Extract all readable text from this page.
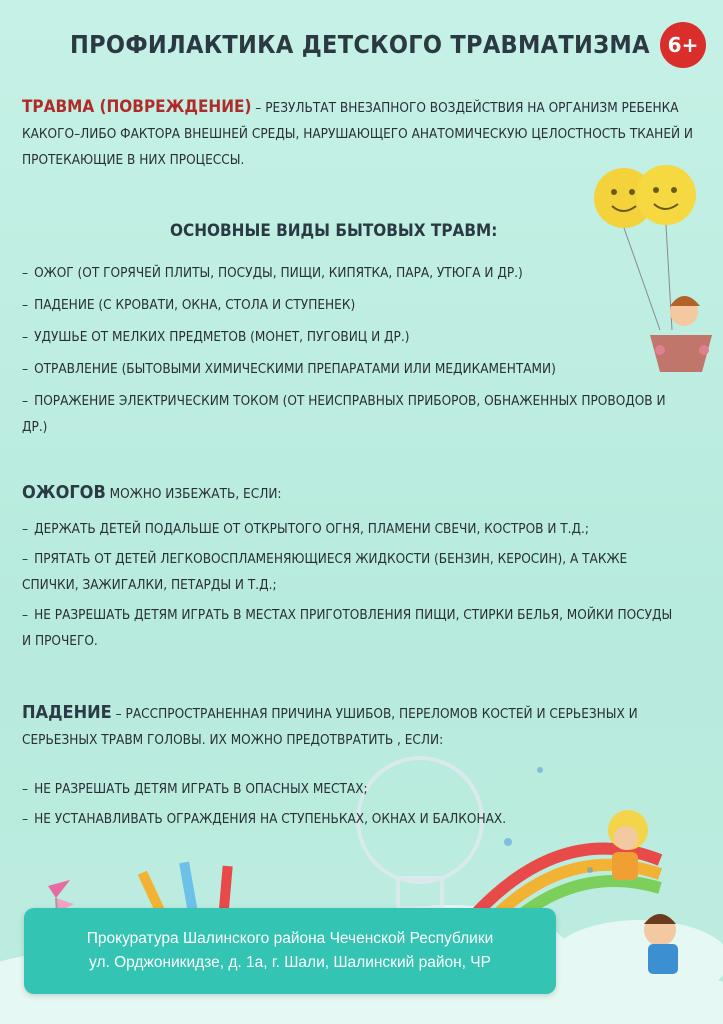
ПРОФИЛАКТИКА ДЕТСКОГО ТРАВМАТИЗМА 6+
ТРАВМА (ПОВРЕЖДЕНИЕ) – РЕЗУЛЬТАТ ВНЕЗАПНОГО ВОЗДЕЙСТВИЯ НА ОРГАНИЗМ РЕБЕНКА КАКОГО–ЛИБО ФАКТОРА ВНЕШНЕЙ СРЕДЫ, НАРУШАЮЩЕГО АНАТОМИЧЕСКУЮ ЦЕЛОСТНОСТЬ ТКАНЕЙ И ПРОТЕКАЮЩИЕ В НИХ ПРОЦЕССЫ.
ОСНОВНЫЕ ВИДЫ БЫТОВЫХ ТРАВМ:
– ОЖОГ (ОТ ГОРЯЧЕЙ ПЛИТЫ, ПОСУДЫ, ПИЩИ, КИПЯТКА, ПАРА, УТЮГА И ДР.)
– ПАДЕНИЕ (С КРОВАТИ, ОКНА, СТОЛА И СТУПЕНЕК)
– УДУШЬЕ ОТ МЕЛКИХ ПРЕДМЕТОВ (МОНЕТ, ПУГОВИЦ И ДР.)
– ОТРАВЛЕНИЕ (БЫТОВЫМИ ХИМИЧЕСКИМИ ПРЕПАРАТАМИ ИЛИ МЕДИКАМЕНТАМИ)
– ПОРАЖЕНИЕ ЭЛЕКТРИЧЕСКИМ ТОКОМ (ОТ НЕИСПРАВНЫХ ПРИБОРОВ, ОБНАЖЕННЫХ ПРОВОДОВ И ДР.)
ОЖОГОВ МОЖНО ИЗБЕЖАТЬ, ЕСЛИ:
– ДЕРЖАТЬ ДЕТЕЙ ПОДАЛЬШЕ ОТ ОТКРЫТОГО ОГНЯ, ПЛАМЕНИ СВЕЧИ, КОСТРОВ И Т.Д.;
– ПРЯТАТЬ ОТ ДЕТЕЙ ЛЕГКОВОСПЛАМЕНЯЮЩИЕСЯ ЖИДКОСТИ (БЕНЗИН, КЕРОСИН), А ТАКЖЕ СПИЧКИ, ЗАЖИГАЛКИ, ПЕТАРДЫ И Т.Д.;
– НЕ РАЗРЕШАТЬ ДЕТЯМ ИГРАТЬ В МЕСТАХ ПРИГОТОВЛЕНИЯ ПИЩИ, СТИРКИ БЕЛЬЯ, МОЙКИ ПОСУДЫ И ПРОЧЕГО.
ПАДЕНИЕ – РАССПРОСТРАНЕННАЯ ПРИЧИНА УШИБОВ, ПЕРЕЛОМОВ КОСТЕЙ И СЕРЬЕЗНЫХ И СЕРЬЕЗНЫХ ТРАВМ ГОЛОВЫ. ИХ МОЖНО ПРЕДОТВРАТИТЬ , ЕСЛИ:
– НЕ РАЗРЕШАТЬ ДЕТЯМ ИГРАТЬ В ОПАСНЫХ МЕСТАХ;
– НЕ УСТАНАВЛИВАТЬ ОГРАЖДЕНИЯ НА СТУПЕНЬКАХ, ОКНАХ И БАЛКОНАХ.
Прокуратура Шалинского района Чеченской Республики
ул. Орджоникидзе, д. 1а, г. Шали, Шалинский район, ЧР
